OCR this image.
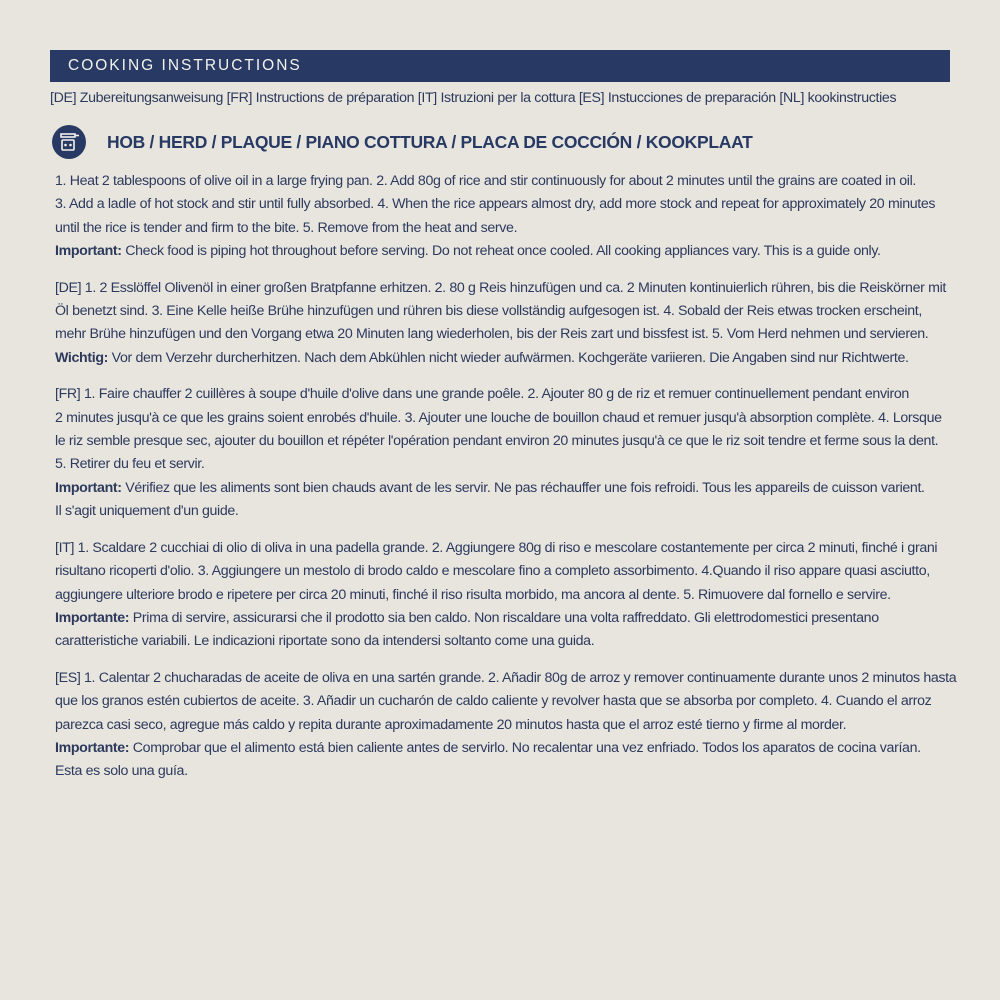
COOKING INSTRUCTIONS
[DE] Zubereitungsanweisung [FR] Instructions de préparation [IT] Istruzioni per la cottura [ES] Instucciones de preparación [NL] kookinstructies
HOB / HERD / PLAQUE / PIANO COTTURA / PLACA DE COCCIÓN / KOOKPLAAT
1. Heat 2 tablespoons of olive oil in a large frying pan. 2. Add 80g of rice and stir continuously for about 2 minutes until the grains are coated in oil.
3. Add a ladle of hot stock and stir until fully absorbed. 4. When the rice appears almost dry, add more stock and repeat for approximately 20 minutes
until the rice is tender and firm to the bite. 5. Remove from the heat and serve.
Important: Check food is piping hot throughout before serving. Do not reheat once cooled. All cooking appliances vary. This is a guide only.
[DE] 1. 2 Esslöffel Olivenöl in einer großen Bratpfanne erhitzen. 2. 80 g Reis hinzufügen und ca. 2 Minuten kontinuierlich rühren, bis die Reiskörner mit
Öl benetzt sind. 3. Eine Kelle heiße Brühe hinzufügen und rühren bis diese vollständig aufgesogen ist. 4. Sobald der Reis etwas trocken erscheint,
mehr Brühe hinzufügen und den Vorgang etwa 20 Minuten lang wiederholen, bis der Reis zart und bissfest ist. 5. Vom Herd nehmen und servieren.
Wichtig: Vor dem Verzehr durcherhitzen. Nach dem Abkühlen nicht wieder aufwärmen. Kochgeräte variieren. Die Angaben sind nur Richtwerte.
[FR] 1. Faire chauffer 2 cuillères à soupe d'huile d'olive dans une grande poêle. 2. Ajouter 80 g de riz et remuer continuellement pendant environ
2 minutes jusqu'à ce que les grains soient enrobés d'huile. 3. Ajouter une louche de bouillon chaud et remuer jusqu'à absorption complète. 4. Lorsque
le riz semble presque sec, ajouter du bouillon et répéter l'opération pendant environ 20 minutes jusqu'à ce que le riz soit tendre et ferme sous la dent.
5. Retirer du feu et servir.
Important: Vérifiez que les aliments sont bien chauds avant de les servir. Ne pas réchauffer une fois refroidi. Tous les appareils de cuisson varient.
Il s'agit uniquement d'un guide.
[IT] 1. Scaldare 2 cucchiai di olio di oliva in una padella grande. 2. Aggiungere 80g di riso e mescolare costantemente per circa 2 minuti, finché i grani
risultano ricoperti d'olio. 3. Aggiungere un mestolo di brodo caldo e mescolare fino a completo assorbimento. 4.Quando il riso appare quasi asciutto,
aggiungere ulteriore brodo e ripetere per circa 20 minuti, finché il riso risulta morbido, ma ancora al dente. 5. Rimuovere dal fornello e servire.
Importante: Prima di servire, assicurarsi che il prodotto sia ben caldo. Non riscaldare una volta raffreddato. Gli elettrodomestici presentano
caratteristiche variabili. Le indicazioni riportate sono da intendersi soltanto come una guida.
[ES] 1. Calentar 2 chucharadas de aceite de oliva en una sartén grande. 2. Añadir 80g de arroz y remover continuamente durante unos 2 minutos hasta
que los granos estén cubiertos de aceite. 3. Añadir un cucharón de caldo caliente y revolver hasta que se absorba por completo. 4. Cuando el arroz
parezca casi seco, agregue más caldo y repita durante aproximadamente 20 minutos hasta que el arroz esté tierno y firme al morder.
Importante: Comprobar que el alimento está bien caliente antes de servirlo. No recalentar una vez enfriado. Todos los aparatos de cocina varían.
Esta es solo una guía.
